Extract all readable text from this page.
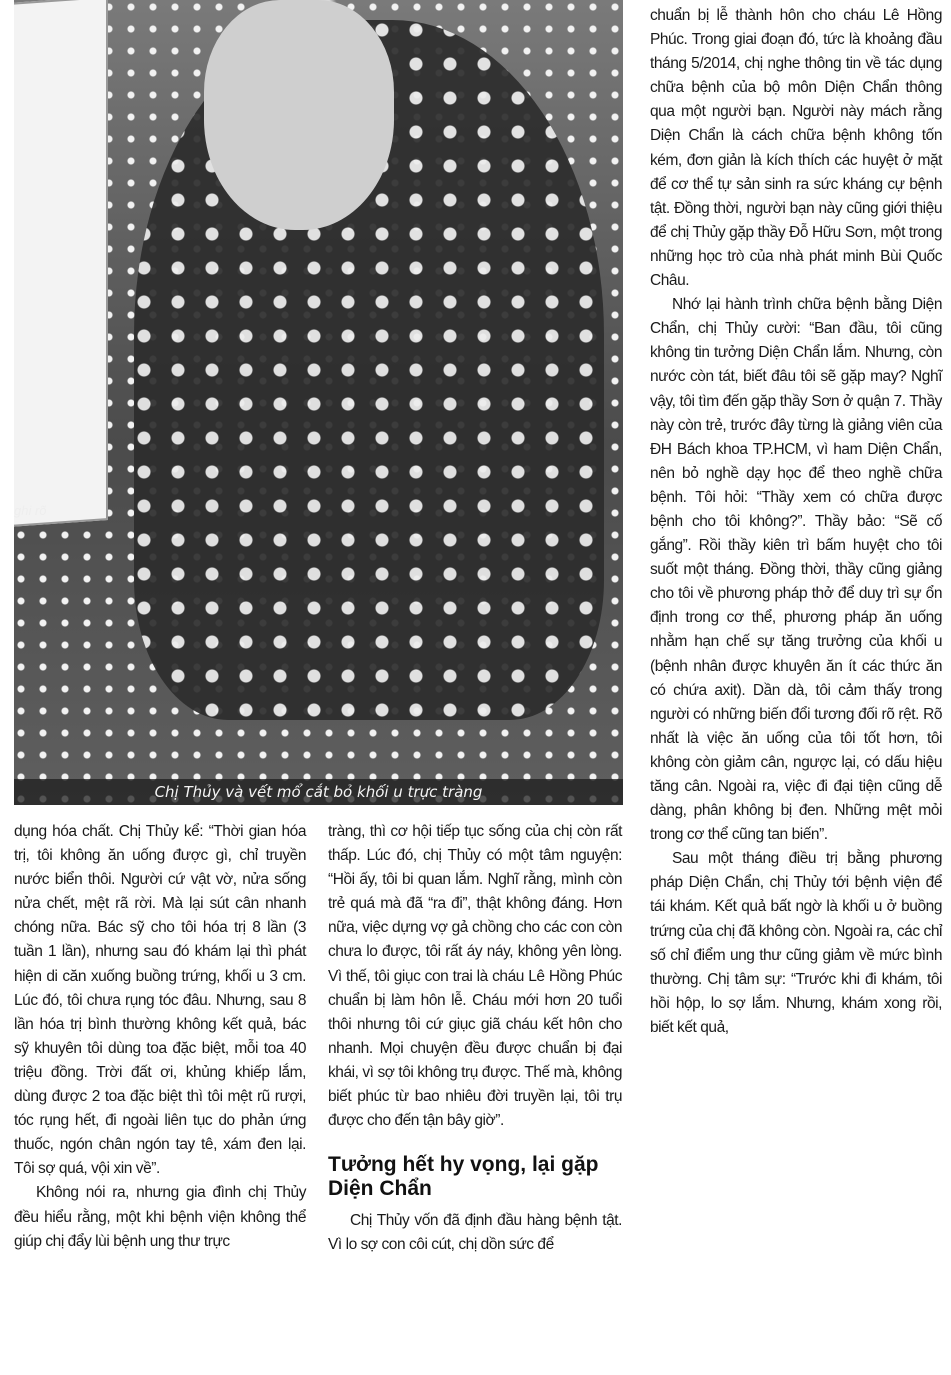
ghi rõ
Chị Thủy và vết mổ cắt bỏ khối u trực tràng

dụng hóa chất. Chị Thủy kể: “Thời gian hóa trị, tôi không ăn uống được gì, chỉ truyền nước biển thôi. Người cứ vật vờ, nửa sống nửa chết, mệt rã rời. Mà lại sút cân nhanh chóng nữa. Bác sỹ cho tôi hóa trị 8 lần (3 tuần 1 lần), nhưng sau đó khám lại thì phát hiện di căn xuống buồng trứng, khối u 3 cm. Lúc đó, tôi chưa rụng tóc đâu. Nhưng, sau 8 lần hóa trị bình thường không kết quả, bác sỹ khuyên tôi dùng toa đặc biệt, mỗi toa 40 triệu đồng. Trời đất ơi, khủng khiếp lắm, dùng được 2 toa đặc biệt thì tôi mệt rũ rượi, tóc rụng hết, đi ngoài liên tục do phản ứng thuốc, ngón chân ngón tay tê, xám đen lại. Tôi sợ quá, vội xin về”.

Không nói ra, nhưng gia đình chị Thủy đều hiểu rằng, một khi bệnh viện không thể giúp chị đẩy lùi bệnh ung thư trực

tràng, thì cơ hội tiếp tục sống của chị còn rất thấp. Lúc đó, chị Thủy có một tâm nguyện: “Hồi ấy, tôi bi quan lắm. Nghĩ rằng, mình còn trẻ quá mà đã “ra đi”, thật không đáng. Hơn nữa, việc dựng vợ gả chồng cho các con còn chưa lo được, tôi rất áy náy, không yên lòng. Vì thế, tôi giục con trai là cháu Lê Hồng Phúc chuẩn bị làm hôn lễ. Cháu mới hơn 20 tuổi thôi nhưng tôi cứ giục giã cháu kết hôn cho nhanh. Mọi chuyện đều được chuẩn bị đại khái, vì sợ tôi không trụ được. Thế mà, không biết phúc từ bao nhiêu đời truyền lại, tôi trụ được cho đến tận bây giờ”.

Tưởng hết hy vọng, lại gặp Diện Chẩn

Chị Thủy vốn đã định đầu hàng bệnh tật. Vì lo sợ con côi cút, chị dồn sức để

chuẩn bị lễ thành hôn cho cháu Lê Hồng Phúc. Trong giai đoạn đó, tức là khoảng đầu tháng 5/2014, chị nghe thông tin về tác dụng chữa bệnh của bộ môn Diện Chẩn thông qua một người bạn. Người này mách rằng Diện Chẩn là cách chữa bệnh không tốn kém, đơn giản là kích thích các huyệt ở mặt để cơ thể tự sản sinh ra sức kháng cự bệnh tật. Đồng thời, người bạn này cũng giới thiệu để chị Thủy gặp thầy Đỗ Hữu Sơn, một trong những học trò của nhà phát minh Bùi Quốc Châu.

Nhớ lại hành trình chữa bệnh bằng Diện Chẩn, chị Thủy cười: “Ban đầu, tôi cũng không tin tưởng Diện Chẩn lắm. Nhưng, còn nước còn tát, biết đâu tôi sẽ gặp may? Nghĩ vậy, tôi tìm đến gặp thầy Sơn ở quận 7. Thầy này còn trẻ, trước đây từng là giảng viên của ĐH Bách khoa TP.HCM, vì ham Diện Chẩn, nên bỏ nghề dạy học để theo nghề chữa bệnh. Tôi hỏi: “Thầy xem có chữa được bệnh cho tôi không?”. Thầy bảo: “Sẽ cố gắng”. Rồi thầy kiên trì bấm huyệt cho tôi suốt một tháng. Đồng thời, thầy cũng giảng cho tôi về phương pháp thở để duy trì sự ổn định trong cơ thể, phương pháp ăn uống nhằm hạn chế sự tăng trưởng của khối u (bệnh nhân được khuyên ăn ít các thức ăn có chứa axit). Dần dà, tôi cảm thấy trong người có những biến đổi tương đối rõ rệt. Rõ nhất là việc ăn uống của tôi tốt hơn, tôi không còn giảm cân, ngược lại, có dấu hiệu tăng cân. Ngoài ra, việc đi đại tiện cũng dễ dàng, phân không bị đen. Những mệt mỏi trong cơ thể cũng tan biến”.

Sau một tháng điều trị bằng phương pháp Diện Chẩn, chị Thủy tới bệnh viện để tái khám. Kết quả bất ngờ là khối u ở buồng trứng của chị đã không còn. Ngoài ra, các chỉ số chỉ điểm ung thư cũng giảm về mức bình thường. Chị tâm sự: “Trước khi đi khám, tôi hồi hộp, lo sợ lắm. Nhưng, khám xong rồi, biết kết quả,
